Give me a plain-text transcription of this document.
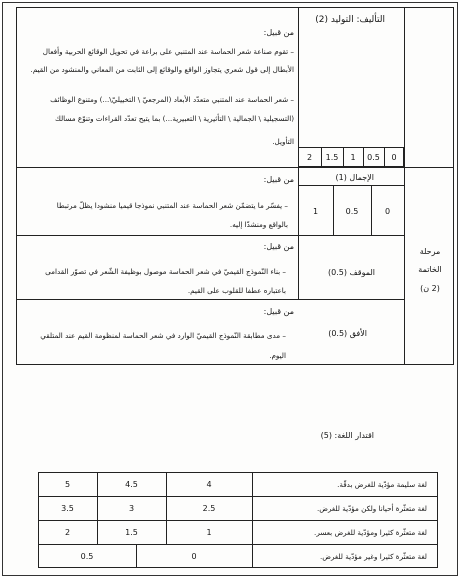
التأليف: التوليد (2)
من قبيل:
– تقوم صناعة شعر الحماسة عند المتنبي على براعة في تحويل الوقائع الحربية وأفعال
الأبطال إلى قول شعري يتجاوز الواقع والوقائع إلى الثابت من المعاني والمنشود من القيم.
– شعر الحماسة عند المتنبي متعدّد الأبعاد (المرجعيّ \ التخييليّ\...) ومتنوع الوظائف
(التسجيلية \ الجمالية \ التأثيرية \ التعبيرية...) بما يتيح تعدّد القراءات وتنوّع مسالك
التأويل.
2	1.5	1	0.5	0
الإجمال (1)
1	0.5	0
من قبيل:
– يفسّر ما يتضمّن شعر الحماسة عند المتنبي نموذجا قيميا منشودا يظلّ مرتبطا
بالواقع ومنشدّا إليه.
الموقف (0.5)
من قبيل:
– بناء النّموذج القيميّ في شعر الحماسة موصول بوظيفة الشّعر في تصوّر القدامى
باعتباره عطفا للقلوب على القيم.
الأفق (0.5)
من قبيل:
– مدى مطابقة النّموذج القيميّ الوارد في شعر الحماسة لمنظومة القيم عند المتلقي
اليوم.
مرحلة
الخاتمة
(2 ن)
اقتدار اللغة: (5)
لغة سليمة مؤدّية للغرض بدقّة.
5	4.5	4
لغة متعثّرة أحيانا ولكن مؤدّية للغرض.
3.5	3	2.5
لغة متعثّرة كثيرا ومؤدّية للغرض بعسر.
2	1.5	1
لغة متعثّرة كثيرا وغير مؤدّية للغرض.
0.5	0
